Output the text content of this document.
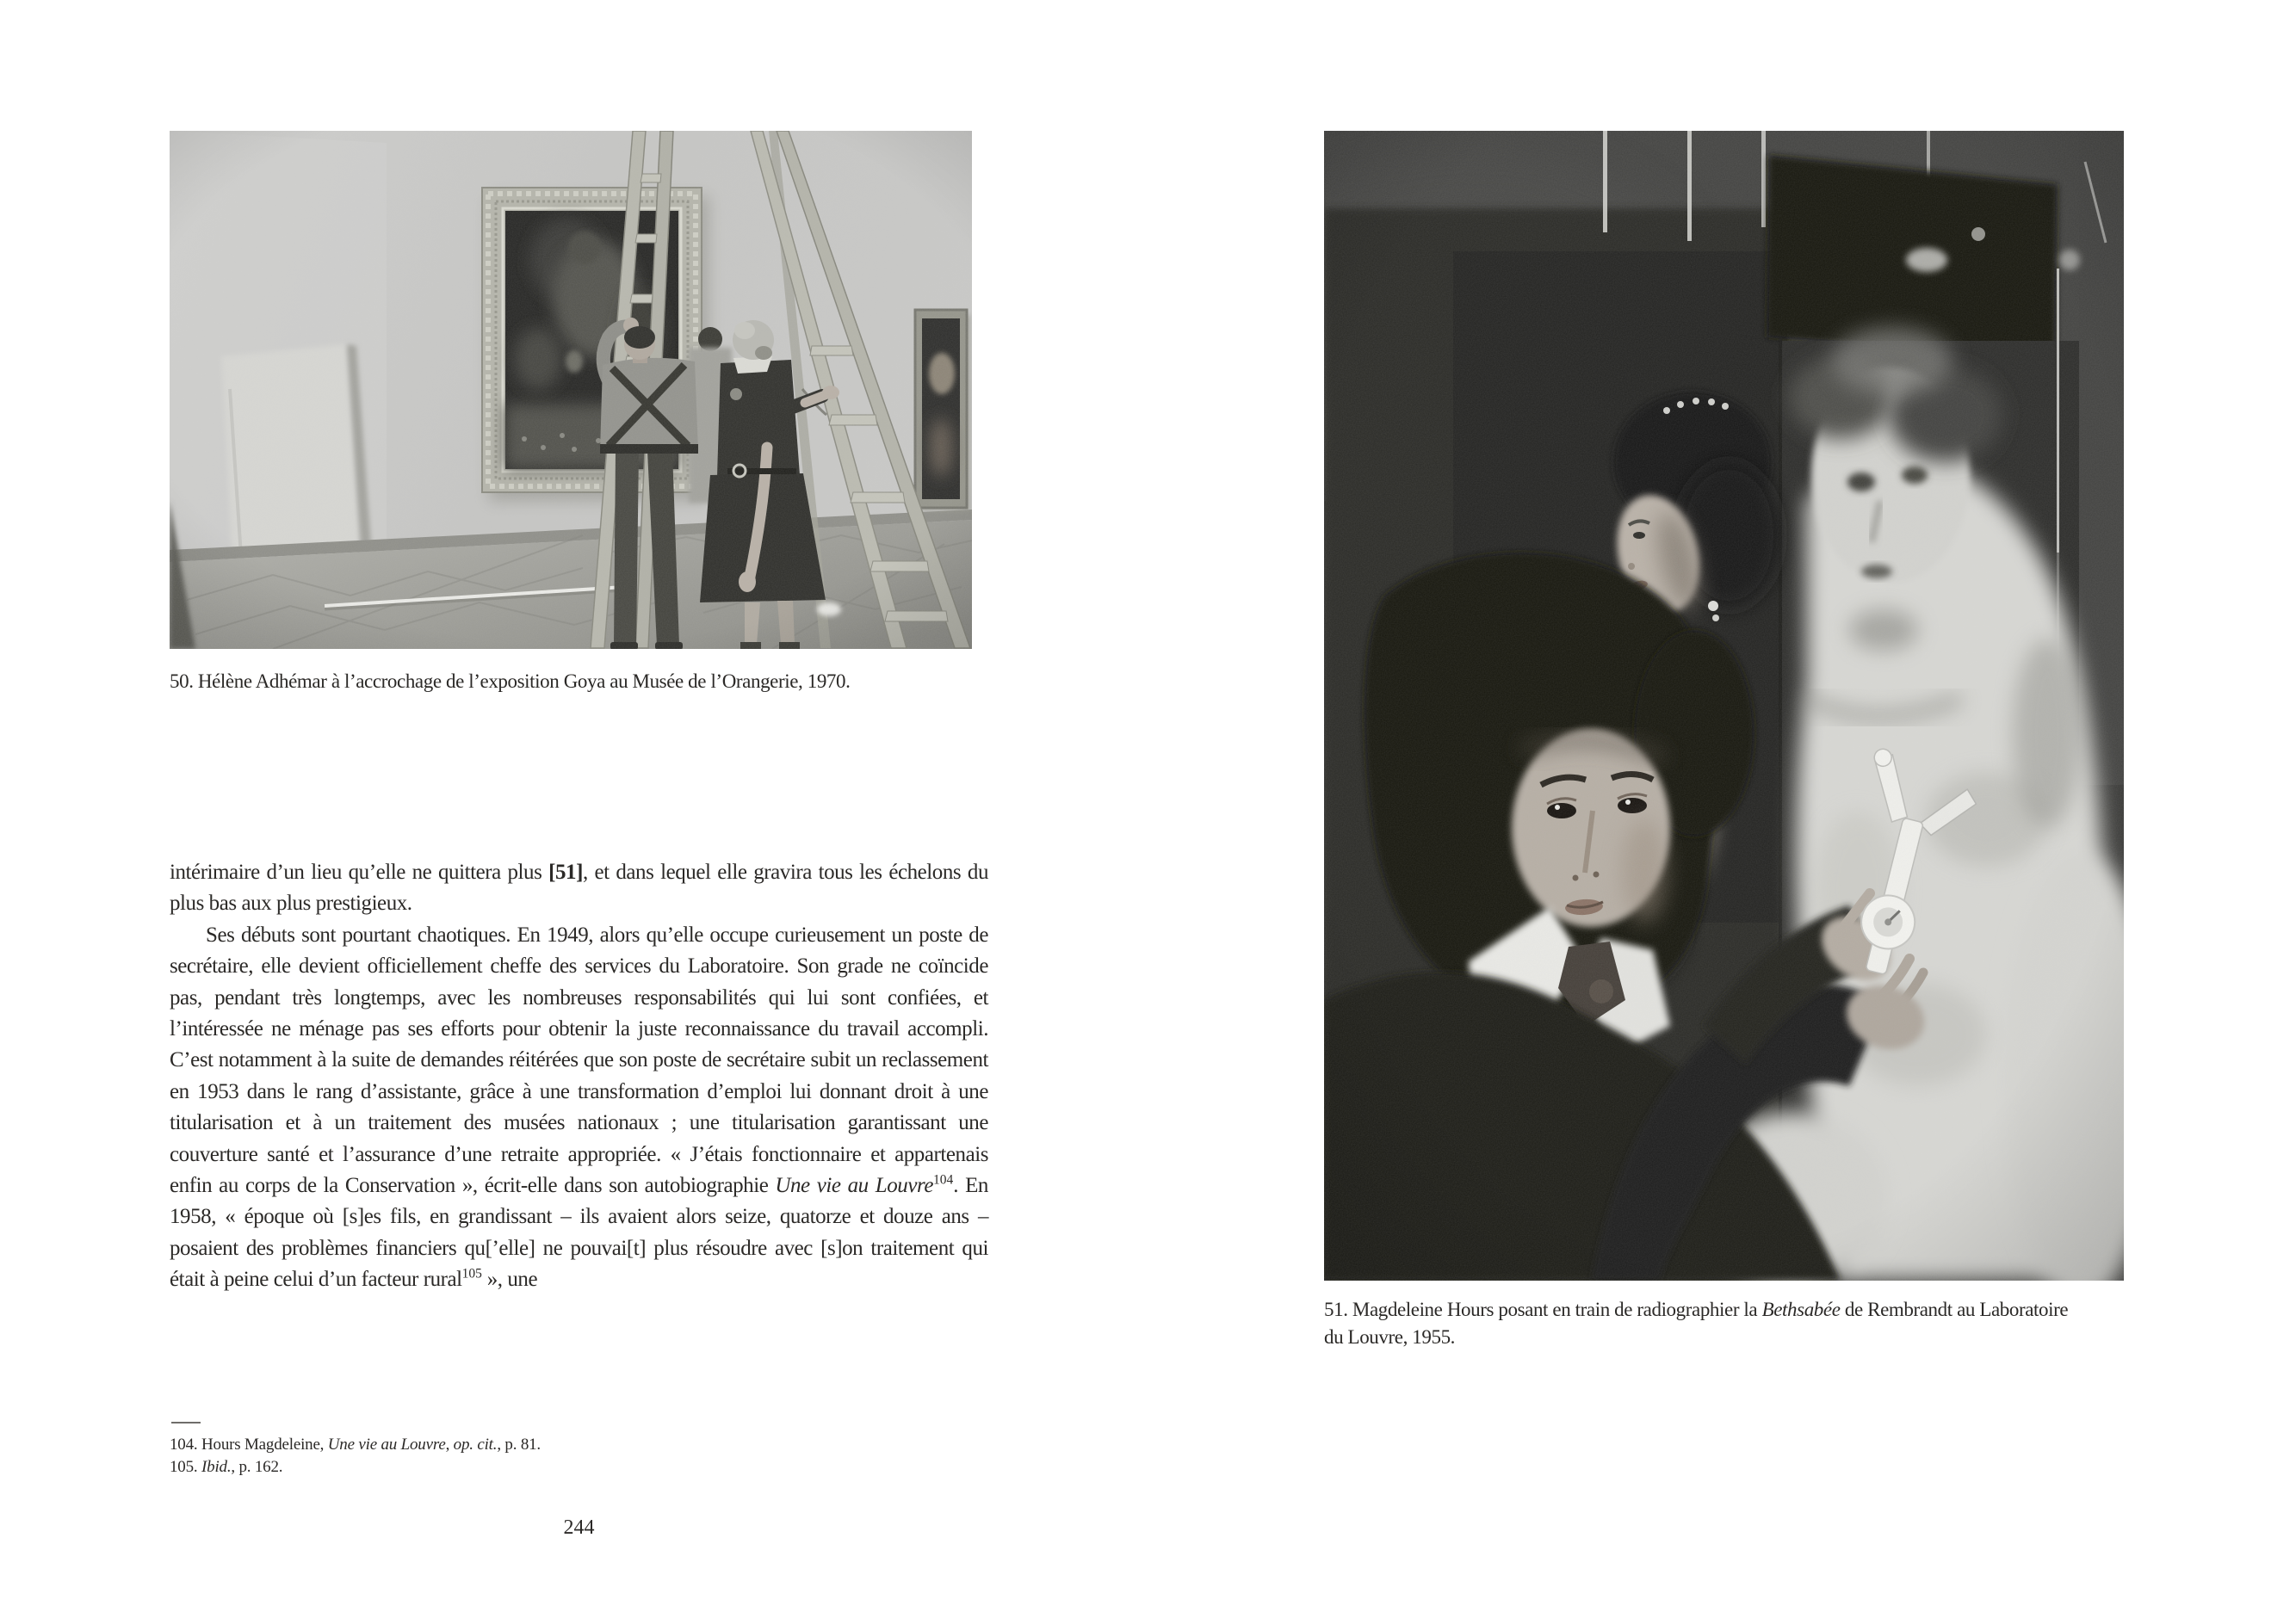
50. Hélène Adhémar à l’accrochage de l’exposition Goya au Musée de l’Orangerie, 1970.

intérimaire d’un lieu qu’elle ne quittera plus [51], et dans lequel elle gravira tous les échelons du plus bas aux plus prestigieux.

Ses débuts sont pourtant chaotiques. En 1949, alors qu’elle occupe curieusement un poste de secrétaire, elle devient officiellement cheffe des services du Laboratoire. Son grade ne coïncide pas, pendant très longtemps, avec les nombreuses responsabilités qui lui sont confiées, et l’intéressée ne ménage pas ses efforts pour obtenir la juste reconnaissance du travail accompli. C’est notamment à la suite de demandes réitérées que son poste de secrétaire subit un reclassement en 1953 dans le rang d’assistante, grâce à une transformation d’emploi lui donnant droit à une titularisation et à un traitement des musées nationaux ; une titularisation garantissant une couverture santé et l’assurance d’une retraite appropriée. « J’étais fonctionnaire et appartenais enfin au corps de la Conservation », écrit-elle dans son autobiographie Une vie au Louvre$^{104}$. En 1958, « époque où [s]es fils, en grandissant – ils avaient alors seize, quatorze et douze ans – posaient des problèmes financiers qu[’elle] ne pouvai[t] plus résoudre avec [s]on traitement qui était à peine celui d’un facteur rural$^{105}$ », une

104. Hours Magdeleine, Une vie au Louvre, op. cit., p. 81.

105. Ibid., p. 162.

244
51. Magdeleine Hours posant en train de radiographier la Bethsabée de Rembrandt au Laboratoire
du Louvre, 1955.
